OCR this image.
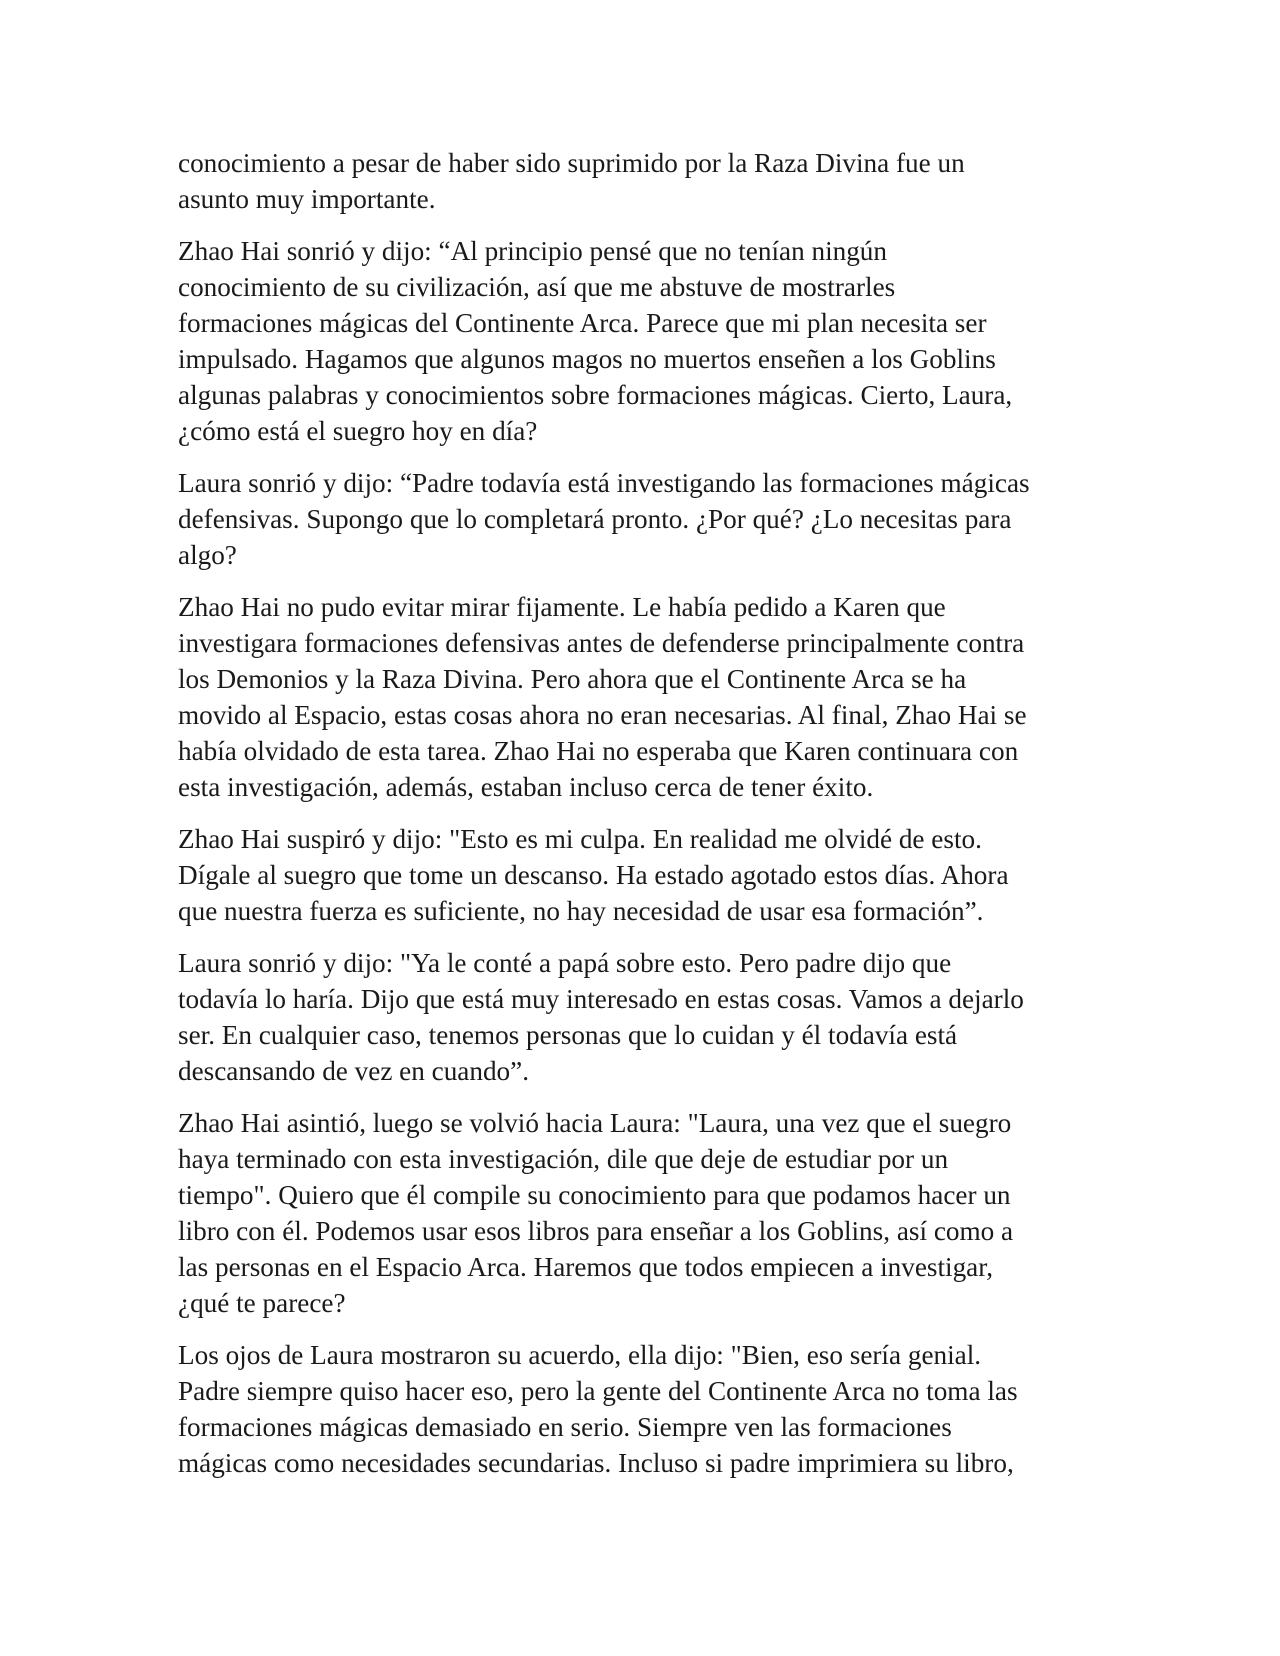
conocimiento a pesar de haber sido suprimido por la Raza Divina fue un
asunto muy importante.

Zhao Hai sonrió y dijo: “Al principio pensé que no tenían ningún
conocimiento de su civilización, así que me abstuve de mostrarles
formaciones mágicas del Continente Arca. Parece que mi plan necesita ser
impulsado. Hagamos que algunos magos no muertos enseñen a los Goblins
algunas palabras y conocimientos sobre formaciones mágicas. Cierto, Laura,
¿cómo está el suegro hoy en día?

Laura sonrió y dijo: “Padre todavía está investigando las formaciones mágicas
defensivas. Supongo que lo completará pronto. ¿Por qué? ¿Lo necesitas para
algo?

Zhao Hai no pudo evitar mirar fijamente. Le había pedido a Karen que
investigara formaciones defensivas antes de defenderse principalmente contra
los Demonios y la Raza Divina. Pero ahora que el Continente Arca se ha
movido al Espacio, estas cosas ahora no eran necesarias. Al final, Zhao Hai se
había olvidado de esta tarea. Zhao Hai no esperaba que Karen continuara con
esta investigación, además, estaban incluso cerca de tener éxito.

Zhao Hai suspiró y dijo: "Esto es mi culpa. En realidad me olvidé de esto.
Dígale al suegro que tome un descanso. Ha estado agotado estos días. Ahora
que nuestra fuerza es suficiente, no hay necesidad de usar esa formación”.

Laura sonrió y dijo: "Ya le conté a papá sobre esto. Pero padre dijo que
todavía lo haría. Dijo que está muy interesado en estas cosas. Vamos a dejarlo
ser. En cualquier caso, tenemos personas que lo cuidan y él todavía está
descansando de vez en cuando”.

Zhao Hai asintió, luego se volvió hacia Laura: "Laura, una vez que el suegro
haya terminado con esta investigación, dile que deje de estudiar por un
tiempo". Quiero que él compile su conocimiento para que podamos hacer un
libro con él. Podemos usar esos libros para enseñar a los Goblins, así como a
las personas en el Espacio Arca. Haremos que todos empiecen a investigar,
¿qué te parece?

Los ojos de Laura mostraron su acuerdo, ella dijo: "Bien, eso sería genial.
Padre siempre quiso hacer eso, pero la gente del Continente Arca no toma las
formaciones mágicas demasiado en serio. Siempre ven las formaciones
mágicas como necesidades secundarias. Incluso si padre imprimiera su libro,
